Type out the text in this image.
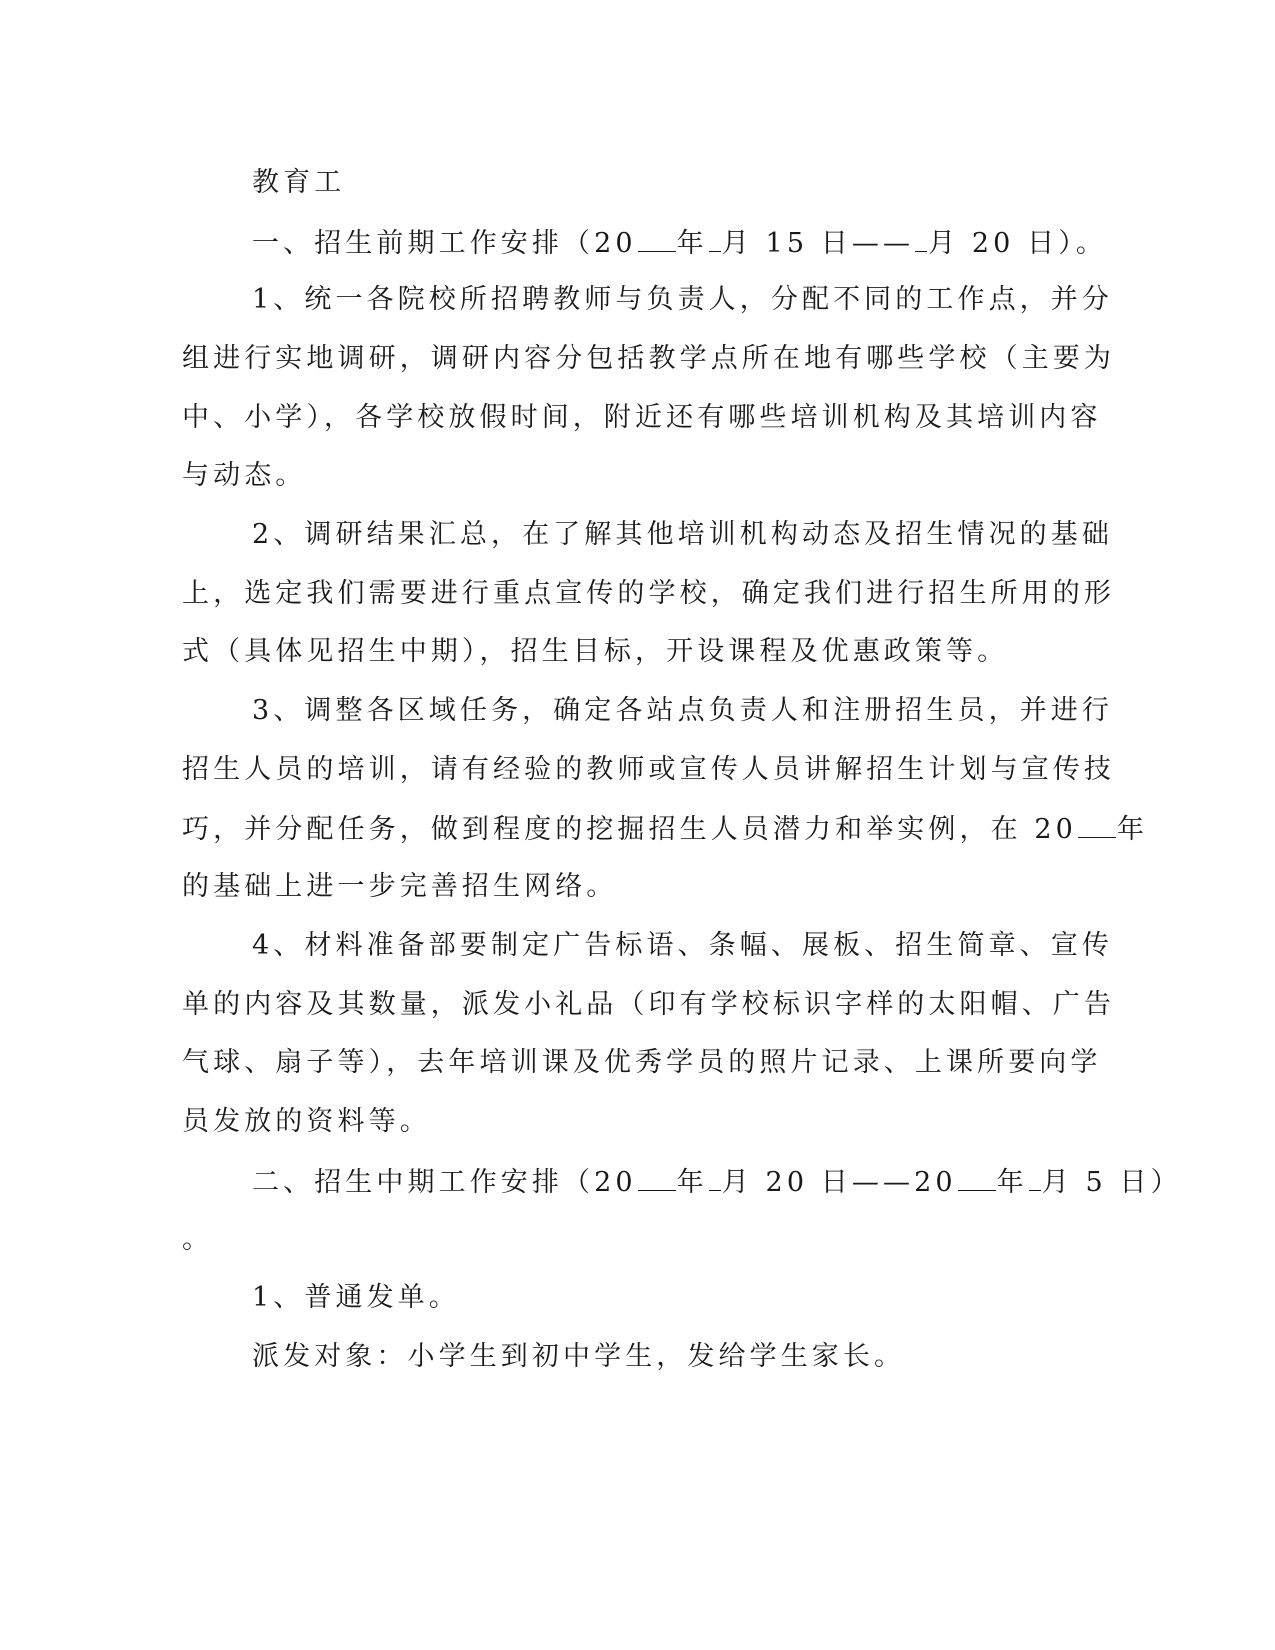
教育工
一、招生前期工作安排（20 年 月 15 日—— 月 20 日）。
1、统一各院校所招聘教师与负责人，分配不同的工作点，并分
组进行实地调研，调研内容分包括教学点所在地有哪些学校（主要为
中、小学），各学校放假时间，附近还有哪些培训机构及其培训内容
与动态。
2、调研结果汇总，在了解其他培训机构动态及招生情况的基础
上，选定我们需要进行重点宣传的学校，确定我们进行招生所用的形
式（具体见招生中期），招生目标，开设课程及优惠政策等。
3、调整各区域任务，确定各站点负责人和注册招生员，并进行
招生人员的培训，请有经验的教师或宣传人员讲解招生计划与宣传技
巧，并分配任务，做到程度的挖掘招生人员潜力和举实例，在 20 年
的基础上进一步完善招生网络。
4、材料准备部要制定广告标语、条幅、展板、招生简章、宣传
单的内容及其数量，派发小礼品（印有学校标识字样的太阳帽、广告
气球、扇子等），去年培训课及优秀学员的照片记录、上课所要向学
员发放的资料等。
二、招生中期工作安排（20 年 月 20 日——20 年 月 5 日）
。
1、普通发单。
派发对象：小学生到初中学生，发给学生家长。
